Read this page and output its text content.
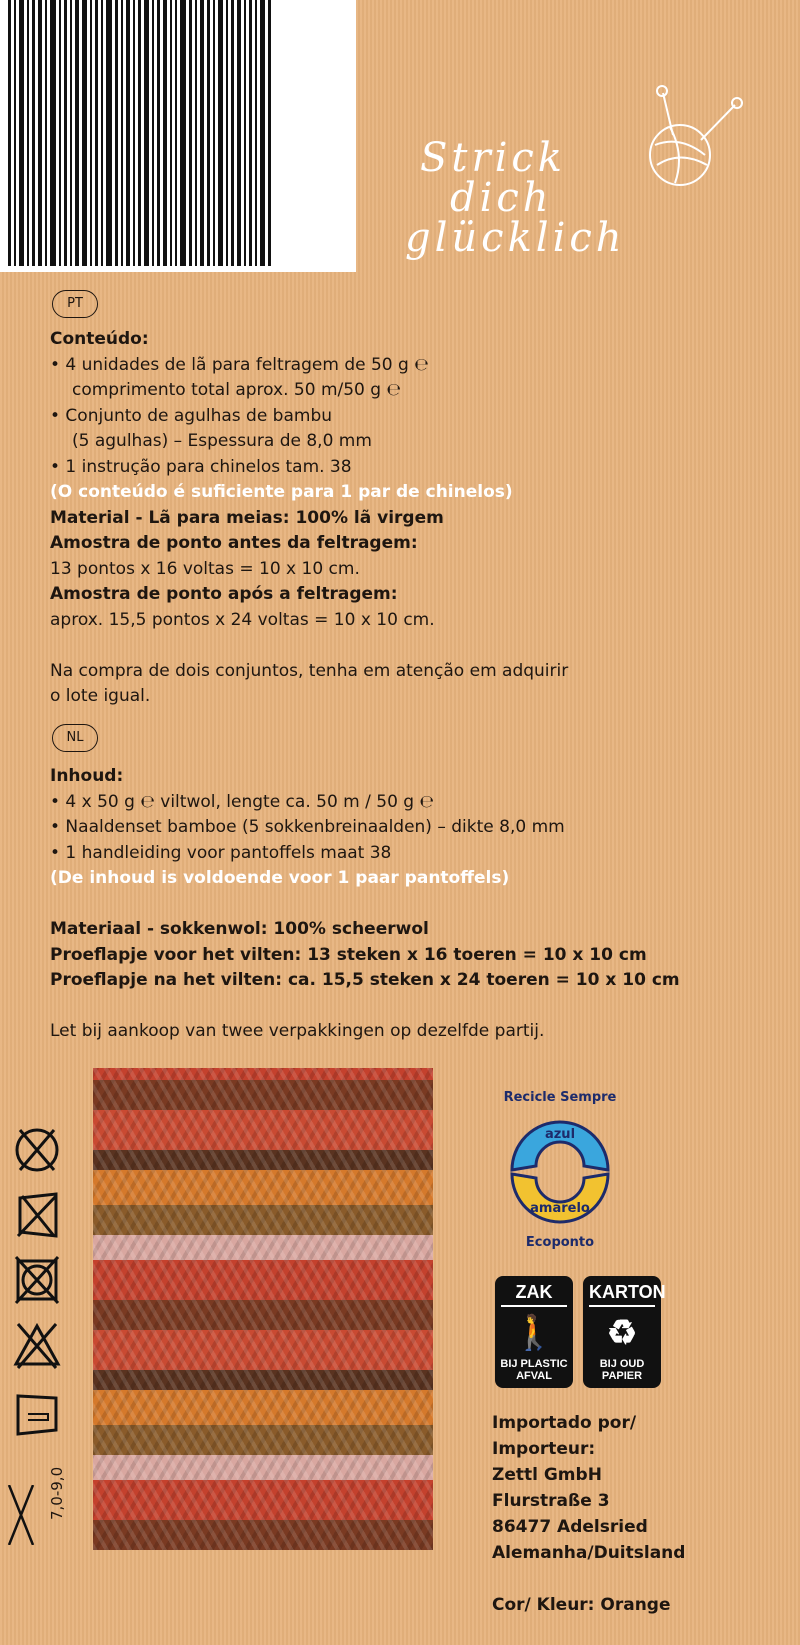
Strick
dich
glücklich
PT
Conteúdo:
• 4 unidades de lã para feltragem de 50 g ℮
comprimento total aprox. 50 m/50 g ℮
• Conjunto de agulhas de bambu
(5 agulhas) – Espessura de 8,0 mm
• 1 instrução para chinelos tam. 38
(O conteúdo é suficiente para 1 par de chinelos)
Material - Lã para meias: 100% lã virgem
Amostra de ponto antes da feltragem:
13 pontos x 16 voltas = 10 x 10 cm.
Amostra de ponto após a feltragem:
aprox. 15,5 pontos x 24 voltas = 10 x 10 cm.

Na compra de dois conjuntos, tenha em atenção em adquirir
o lote igual.
NL
Inhoud:
• 4 x 50 g ℮ viltwol, lengte ca. 50 m / 50 g ℮
• Naaldenset bamboe (5 sokkenbreinaalden) – dikte 8,0 mm
• 1 handleiding voor pantoffels maat 38
(De inhoud is voldoende voor 1 paar pantoffels)

Materiaal - sokkenwol: 100% scheerwol
Proeflapje voor het vilten: 13 steken x 16 toeren = 10 x 10 cm
Proeflapje na het vilten: ca. 15,5 steken x 24 toeren = 10 x 10 cm

Let bij aankoop van twee verpakkingen op dezelfde partij.
7,0-9,0
azul
amarelo
Recicle Sempre
Ecoponto
ZAK
🚶
BIJ PLASTIC
AFVAL
KARTON
♻
BIJ OUD
PAPIER
Importado por/
Importeur:
Zettl GmbH
Flurstraße 3
86477 Adelsried
Alemanha/Duitsland

Cor/ Kleur: Orange
